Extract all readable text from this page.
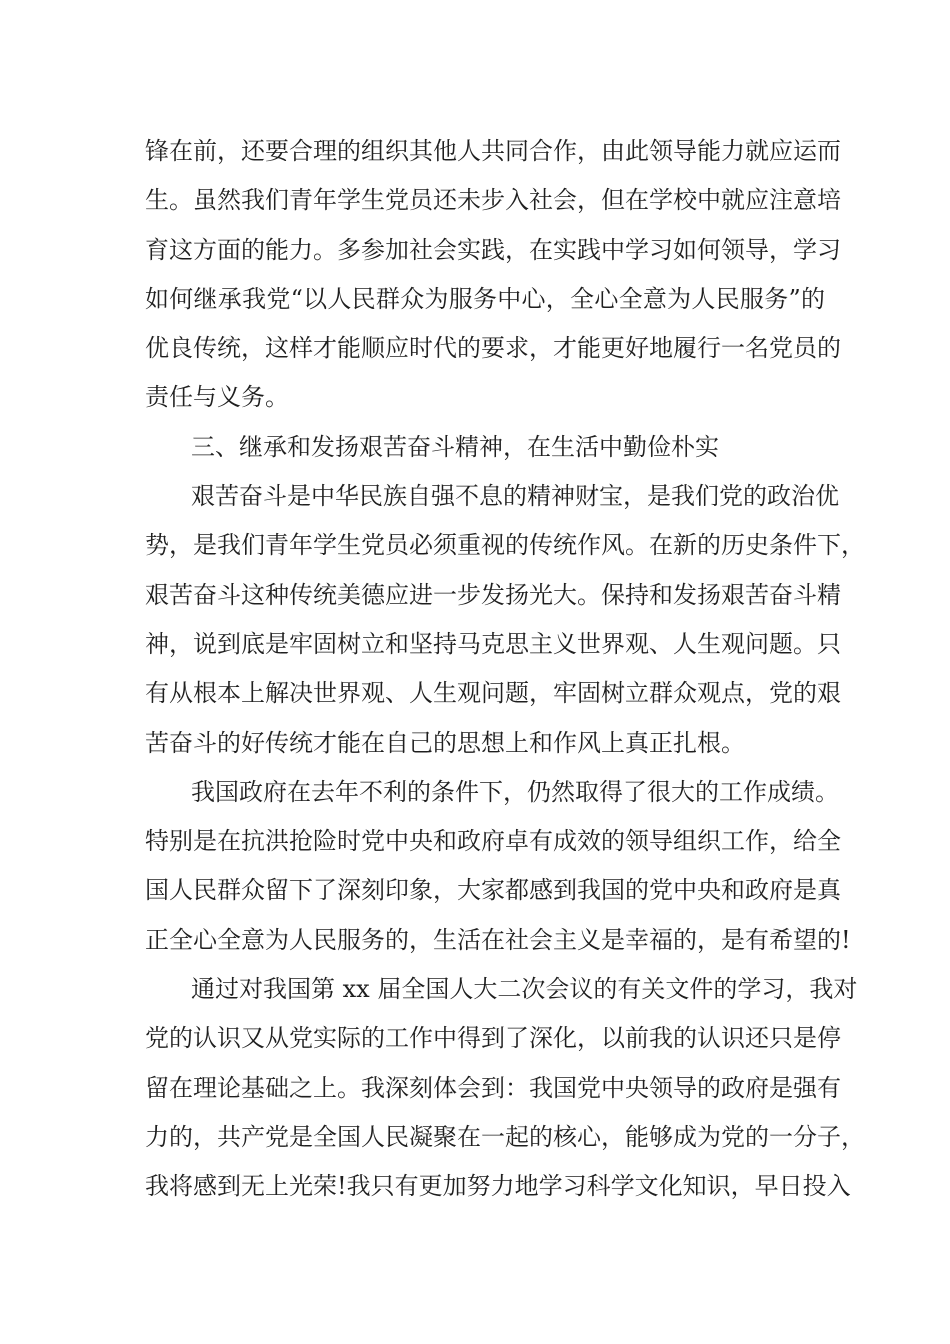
锋在前，还要合理的组织其他人共同合作，由此领导能力就应运而
生。虽然我们青年学生党员还未步入社会，但在学校中就应注意培
育这方面的能力。多参加社会实践，在实践中学习如何领导，学习
如何继承我党“以人民群众为服务中心，全心全意为人民服务”的
优良传统，这样才能顺应时代的要求，才能更好地履行一名党员的
责任与义务。
三、继承和发扬艰苦奋斗精神，在生活中勤俭朴实
艰苦奋斗是中华民族自强不息的精神财宝，是我们党的政治优
势，是我们青年学生党员必须重视的传统作风。在新的历史条件下，
艰苦奋斗这种传统美德应进一步发扬光大。保持和发扬艰苦奋斗精
神，说到底是牢固树立和坚持马克思主义世界观、人生观问题。只
有从根本上解决世界观、人生观问题，牢固树立群众观点，党的艰
苦奋斗的好传统才能在自己的思想上和作风上真正扎根。
我国政府在去年不利的条件下，仍然取得了很大的工作成绩。
特别是在抗洪抢险时党中央和政府卓有成效的领导组织工作，给全
国人民群众留下了深刻印象，大家都感到我国的党中央和政府是真
正全心全意为人民服务的，生活在社会主义是幸福的，是有希望的!
通过对我国第 xx 届全国人大二次会议的有关文件的学习，我对
党的认识又从党实际的工作中得到了深化，以前我的认识还只是停
留在理论基础之上。我深刻体会到：我国党中央领导的政府是强有
力的，共产党是全国人民凝聚在一起的核心，能够成为党的一分子，
我将感到无上光荣!我只有更加努力地学习科学文化知识，早日投入
